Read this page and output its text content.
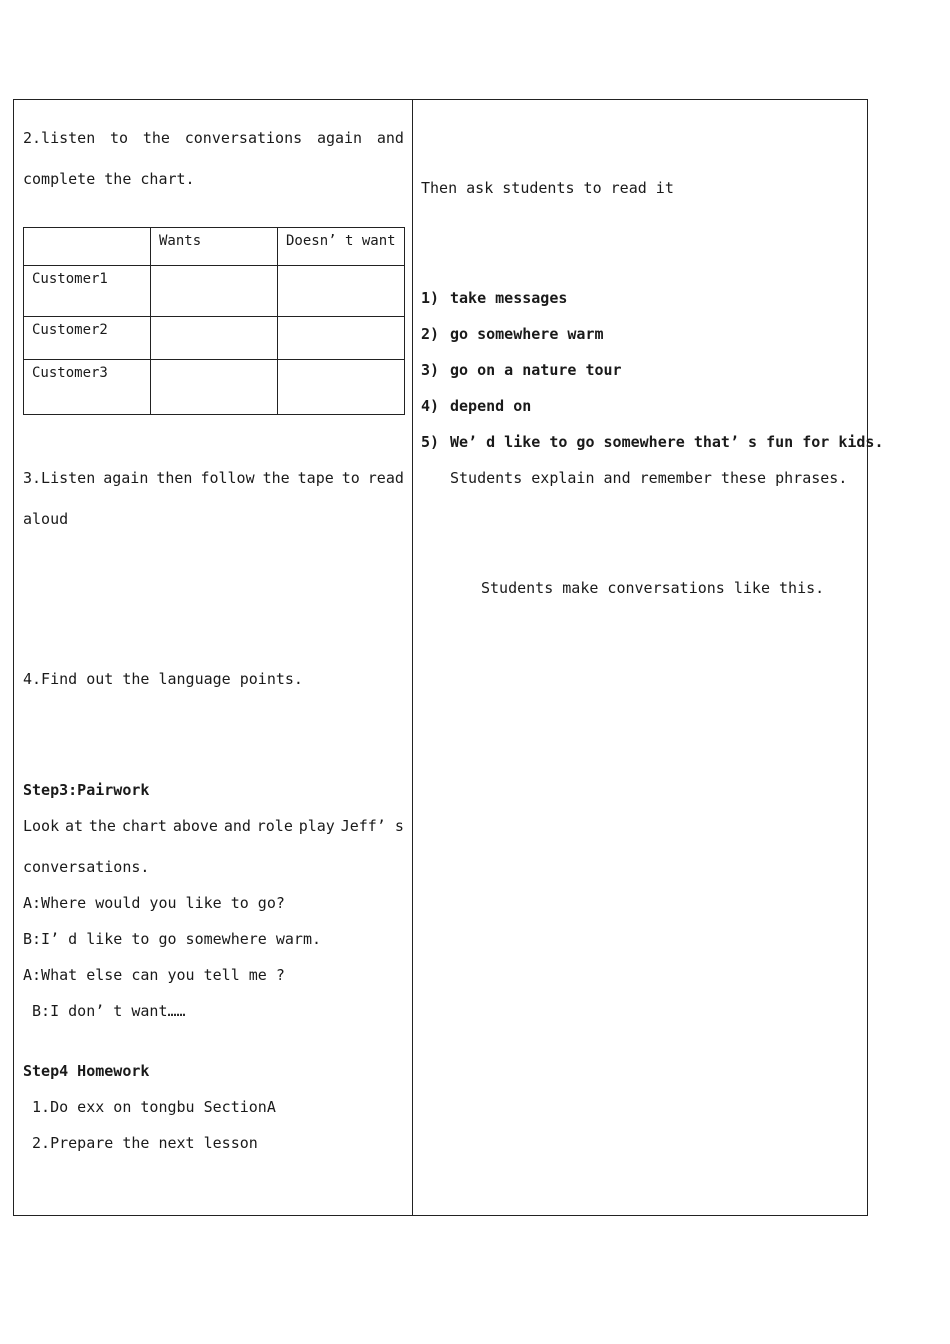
2.listen to the conversations again and
complete the chart.
	Wants	Doesn’ t want
Customer1		
Customer2		
Customer3		
3.Listen again then follow the tape to read
aloud
4.Find out the language points.
Step3:Pairwork
Look at the chart above and role play Jeff’ s
conversations.
A:Where would you like to go?
B:I’ d like to go somewhere warm.
A:What else can you tell me ?
B:I don’ t want……
Step4 Homework
1.Do exx on tongbu SectionA
2.Prepare the next lesson
Then ask students to read it
1) take messages
2) go somewhere warm
3) go on a nature tour
4) depend on
5) We’ d like to go somewhere that’ s fun for kids.
Students explain and remember these phrases.
Students make conversations like this.
